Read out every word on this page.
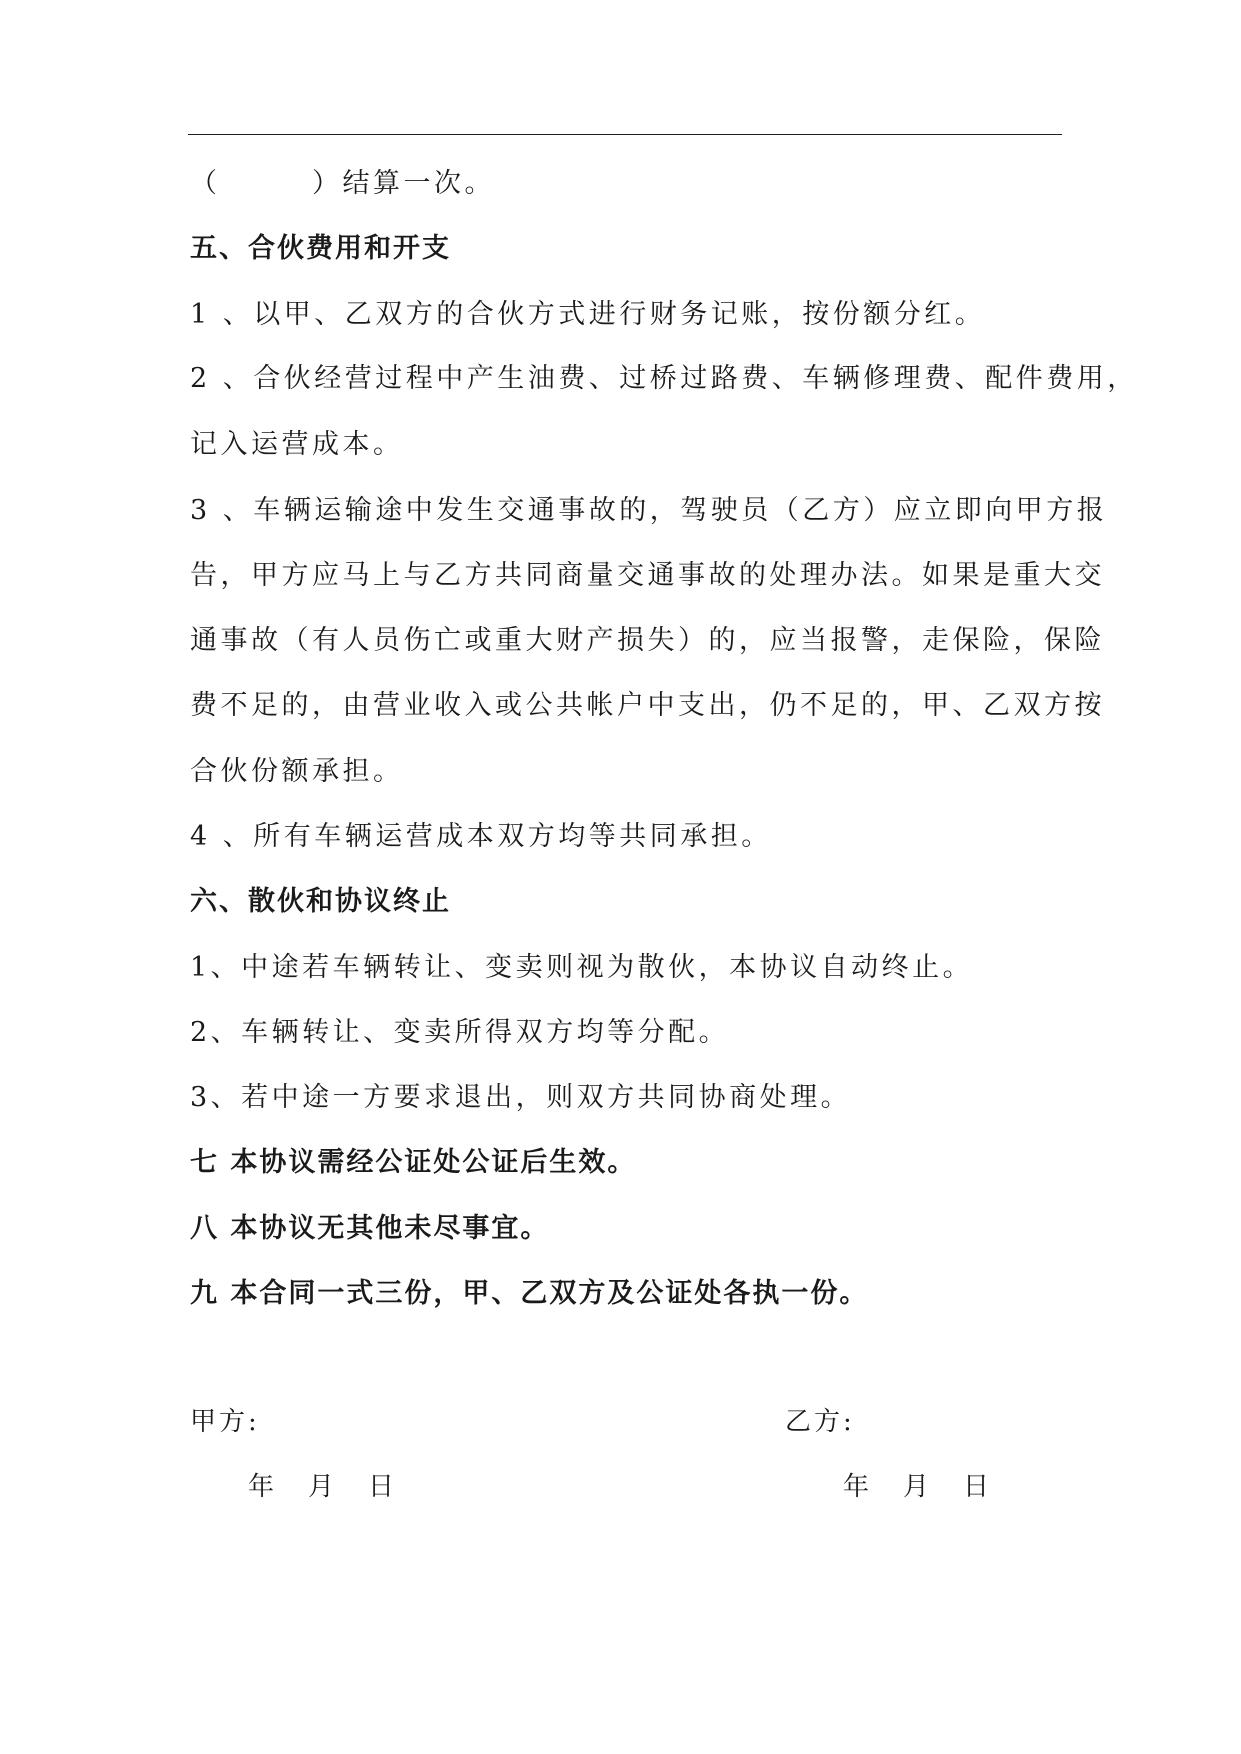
（　　　）结算一次。
五、合伙费用和开支
1 、以甲、乙双方的合伙方式进行财务记账，按份额分红。
2 、合伙经营过程中产生油费、过桥过路费、车辆修理费、配件费用，
记入运营成本。
3 、车辆运输途中发生交通事故的，驾驶员（乙方）应立即向甲方报
告，甲方应马上与乙方共同商量交通事故的处理办法。如果是重大交
通事故（有人员伤亡或重大财产损失）的，应当报警，走保险，保险
费不足的，由营业收入或公共帐户中支出，仍不足的，甲、乙双方按
合伙份额承担。
4 、所有车辆运营成本双方均等共同承担。
六、散伙和协议终止
1、中途若车辆转让、变卖则视为散伙，本协议自动终止。
2、车辆转让、变卖所得双方均等分配。
3、若中途一方要求退出，则双方共同协商处理。
七 本协议需经公证处公证后生效。
八 本协议无其他未尽事宜。
九 本合同一式三份，甲、乙双方及公证处各执一份。
甲方:	乙方:
年 月 日	年 月 日
